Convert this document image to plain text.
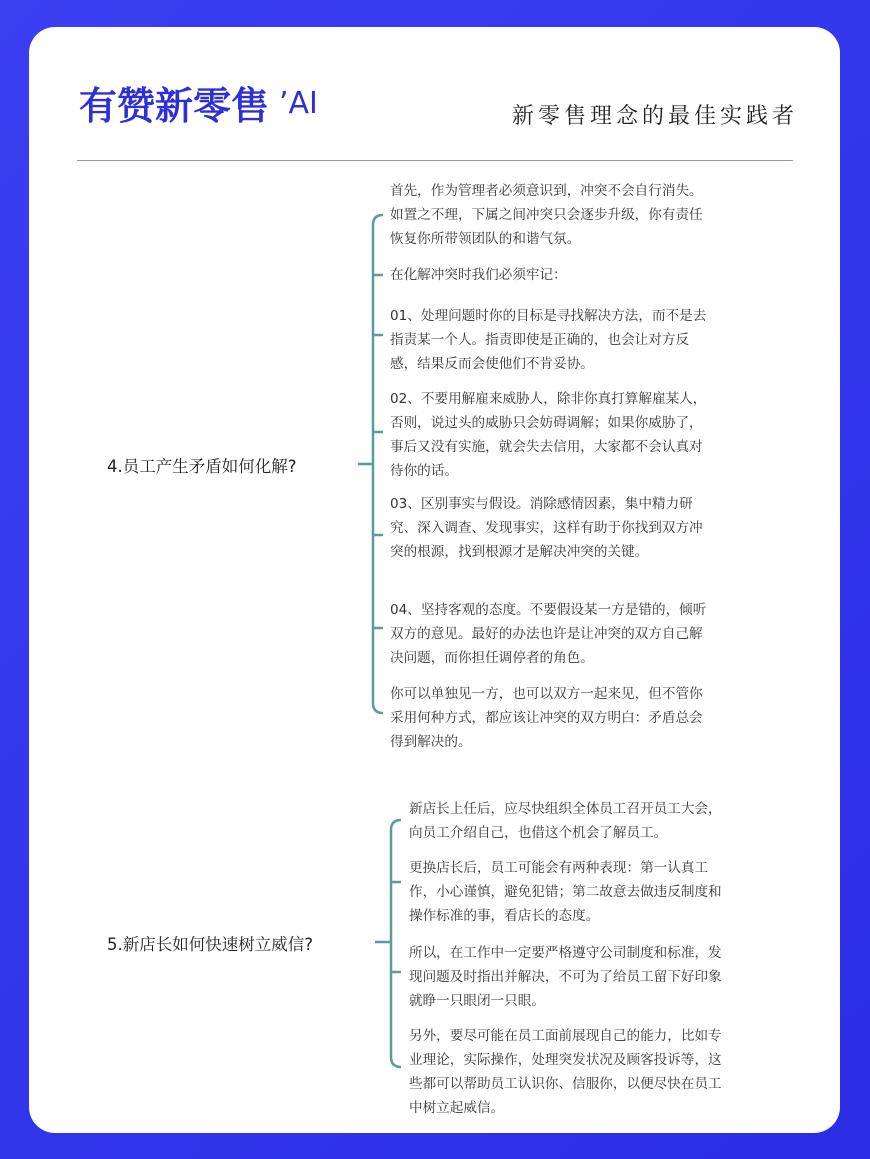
有赞新零售 ʼAI	新零售理念的最佳实践者
4.员工产生矛盾如何化解?

首先，作为管理者必须意识到，冲突不会自行消失。如置之不理，下属之间冲突只会逐步升级，你有责任恢复你所带领团队的和谐气氛。

在化解冲突时我们必须牢记：

01、处理问题时你的目标是寻找解决方法，而不是去指责某一个人。指责即使是正确的，也会让对方反感，结果反而会使他们不肯妥协。

02、不要用解雇来威胁人，除非你真打算解雇某人，否则，说过头的威胁只会妨碍调解；如果你威胁了，事后又没有实施，就会失去信用，大家都不会认真对待你的话。

03、区别事实与假设。消除感情因素，集中精力研究、深入调查、发现事实，这样有助于你找到双方冲突的根源，找到根源才是解决冲突的关键。

04、坚持客观的态度。不要假设某一方是错的，倾听双方的意见。最好的办法也许是让冲突的双方自己解决问题，而你担任调停者的角色。

你可以单独见一方，也可以双方一起来见，但不管你采用何种方式，都应该让冲突的双方明白：矛盾总会得到解决的。

5.新店长如何快速树立威信?

新店长上任后，应尽快组织全体员工召开员工大会，向员工介绍自己，也借这个机会了解员工。

更换店长后，员工可能会有两种表现：第一认真工作，小心谨慎，避免犯错；第二故意去做违反制度和操作标准的事，看店长的态度。

所以，在工作中一定要严格遵守公司制度和标准，发现问题及时指出并解决，不可为了给员工留下好印象就睁一只眼闭一只眼。

另外，要尽可能在员工面前展现自己的能力，比如专业理论，实际操作，处理突发状况及顾客投诉等，这些都可以帮助员工认识你、信服你，以便尽快在员工中树立起威信。
